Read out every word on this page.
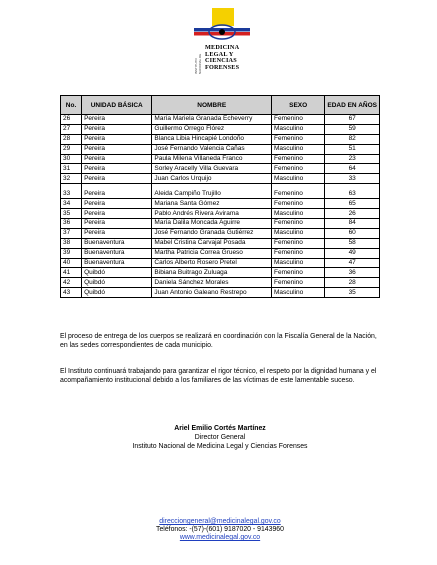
INSTITUTO NACIONAL DE
MEDICINA
LEGAL Y
CIENCIAS
FORENSES
No.	UNIDAD BÁSICA	NOMBRE	SEXO	EDAD EN AÑOS
26	Pereira	María Mariela Granada Echeverry	Femenino	67
27	Pereira	Guillermo Orrego Flórez	Masculino	59
28	Pereira	Blanca Libia Hincapié Londoño	Femenino	82
29	Pereira	José Fernando Valencia Cañas	Masculino	51
30	Pereira	Paula Milena Villaneda Franco	Femenino	23
31	Pereira	Sorley Aracelly Villa Guevara	Femenino	64
32	Pereira	Juan Carlos Urquijo	Masculino	33
33	Pereira	Aleida Campiño Trujillo	Femenino	63
34	Pereira	Mariana Santa Gómez	Femenino	65
35	Pereira	Pablo Andrés Rivera Avirama	Masculino	26
36	Pereira	María Dalila Moncada Aguirre	Femenino	84
37	Pereira	José Fernando Granada Gutiérrez	Masculino	60
38	Buenaventura	Mabel Cristina Carvajal Posada	Femenino	58
39	Buenaventura	Martha Patricia Correa Grueso	Femenino	49
40	Buenaventura	Carlos Alberto Rosero Pretel	Masculino	47
41	Quibdó	Bibiana Buitrago Zuluaga	Femenino	36
42	Quibdó	Daniela Sánchez Morales	Femenino	28
43	Quibdó	Juan Antonio Galeano Restrepo	Masculino	35

El proceso de entrega de los cuerpos se realizará en coordinación con la Fiscalía General de la Nación, en las sedes correspondientes de cada municipio.

El Instituto continuará trabajando para garantizar el rigor técnico, el respeto por la dignidad humana y el acompañamiento institucional debido a los familiares de las víctimas de este lamentable suceso.

Ariel Emilio Cortés Martínez
Director General
Instituto Nacional de Medicina Legal y Ciencias Forenses
direcciongeneral@medicinalegal.gov.co
Teléfonos: -(57)-(601) 9187020 - 9143960
www.medicinalegal.gov.co
